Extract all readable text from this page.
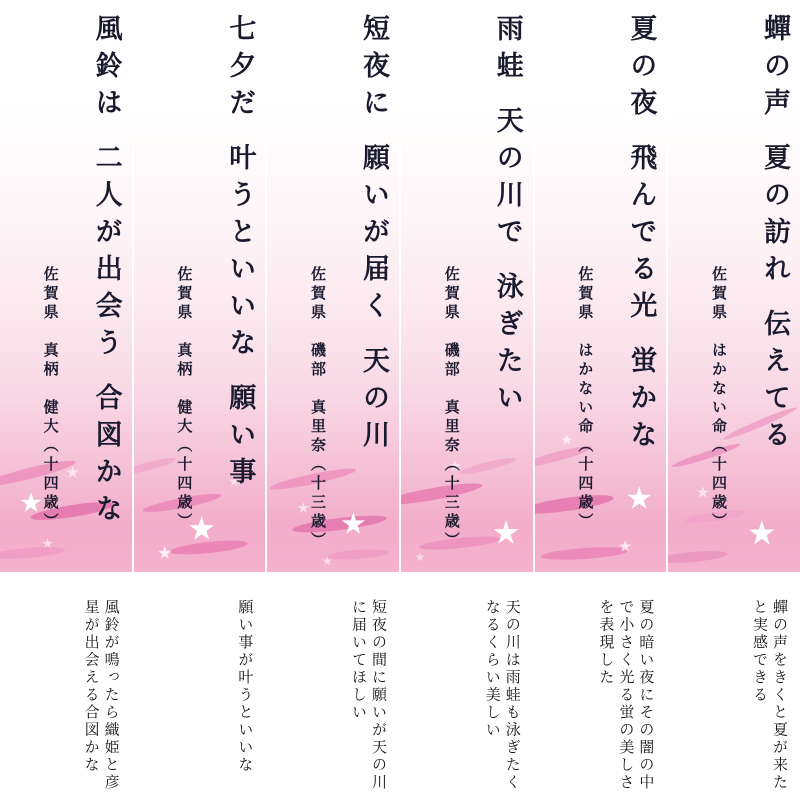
風鈴は 二人が出会う 合図かな
佐賀県　真柄　健大（十四歳）
風鈴が鳴ったら織姫と彦星が出会える合図かな
七夕だ 叶うといいな 願い事
佐賀県　真柄　健大（十四歳）
願い事が叶うといいな
短夜に 願いが届く 天の川
佐賀県　磯部　真里奈（十三歳）
短夜の間に願いが天の川に届いてほしい
雨蛙 天の川で 泳ぎたい
佐賀県　磯部　真里奈（十三歳）
天の川は雨蛙も泳ぎたくなるくらい美しい
夏の夜 飛んでる光 蛍かな
佐賀県　はかない命（十四歳）
夏の暗い夜にその闇の中で小さく光る蛍の美しさを表現した
蟬の声 夏の訪れ 伝えてる
佐賀県　はかない命（十四歳）
蟬の声をきくと夏が来たと実感できる
